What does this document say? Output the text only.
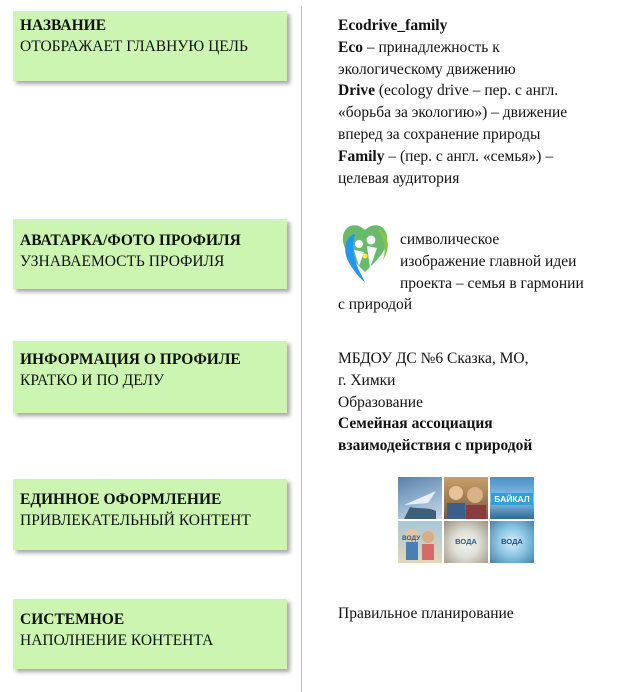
НАЗВАНИЕ
ОТОБРАЖАЕТ ГЛАВНУЮ ЦЕЛЬ
АВАТАРКА/ФОТО ПРОФИЛЯ
УЗНАВАЕМОСТЬ ПРОФИЛЯ
ИНФОРМАЦИЯ О ПРОФИЛЕ
КРАТКО И ПО ДЕЛУ
ЕДИННОЕ ОФОРМЛЕНИЕ
ПРИВЛЕКАТЕЛЬНЫЙ КОНТЕНТ
СИСТЕМНОЕ
НАПОЛНЕНИЕ КОНТЕНТА

Ecodrive_family

Eco – принадлежность к

экологическому движению

Drive (ecology drive – пер. с англ.

«борьба за экологию») – движение

вперед за сохранение природы

Family – (пер. с англ. «семья») –

целевая аудитория

символическое

изображение главной идеи

проекта – семья в гармонии

с природой

МБДОУ ДС №6 Сказка, МО,

г. Химки

Образование

Семейная ассоциация

взаимодействия с природой

БАЙКАЛ
ВОДА	ВОДА
ВОДУ

Правильное планирование
